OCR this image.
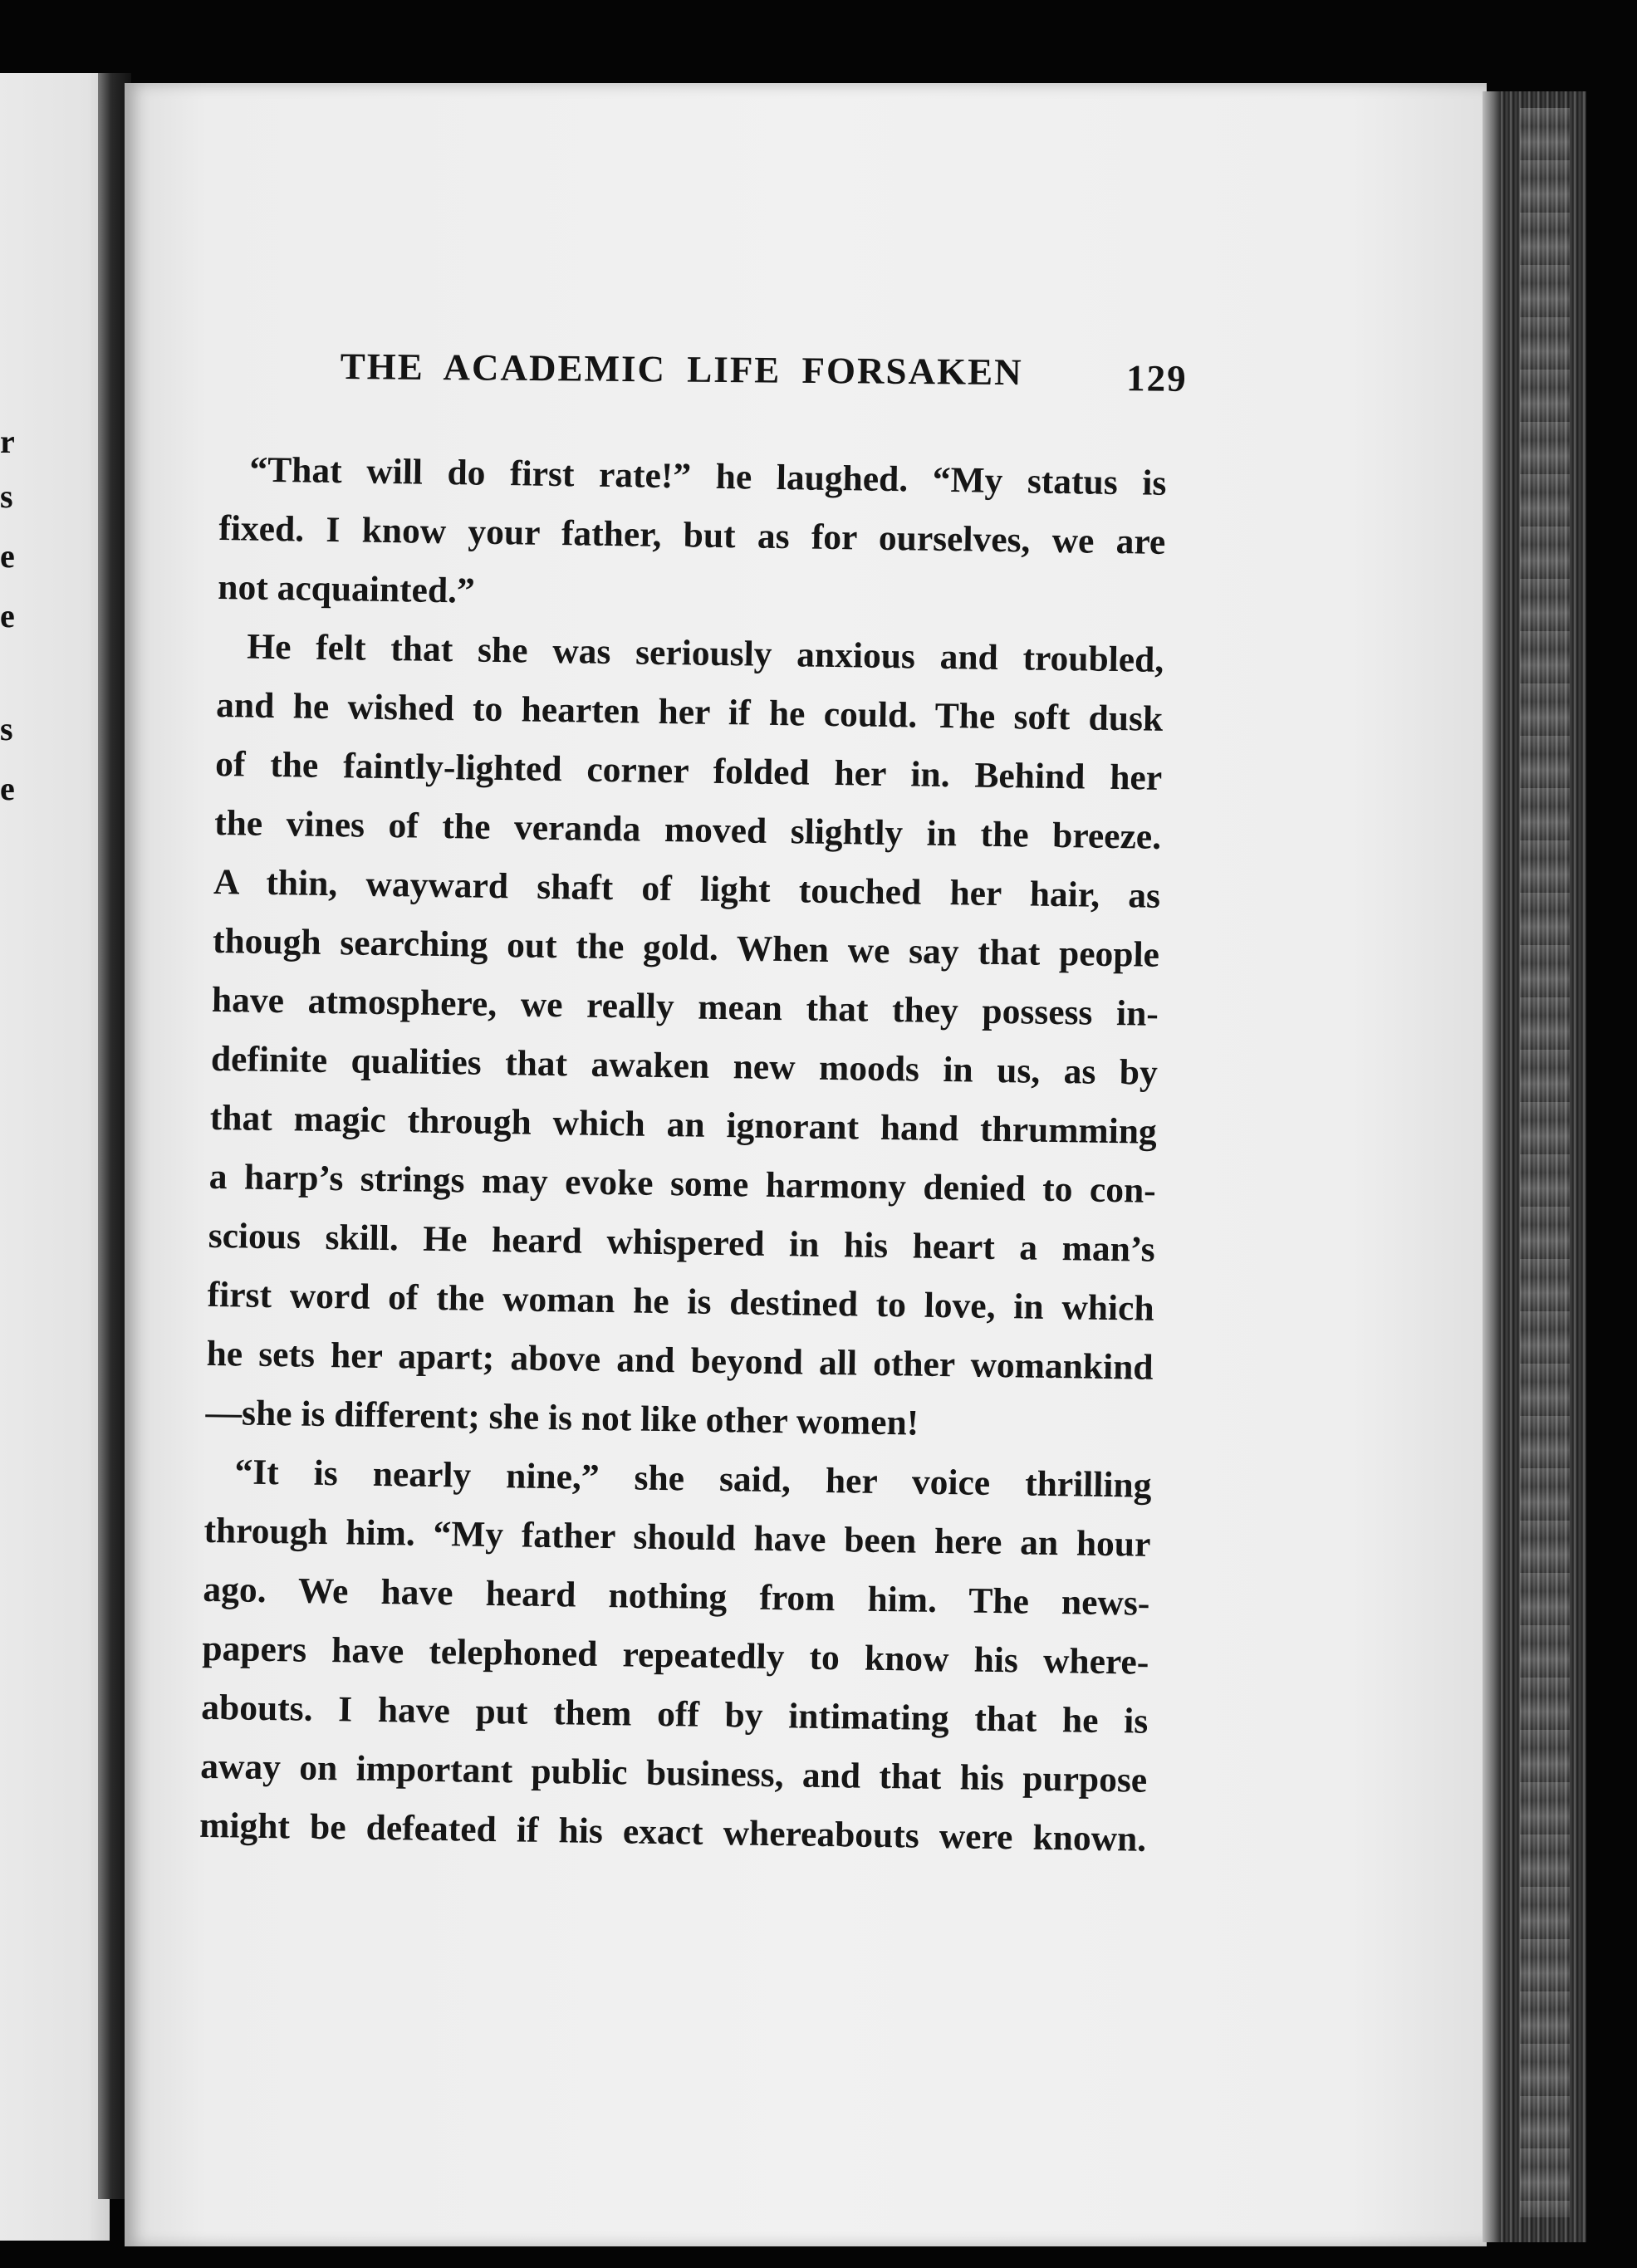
r
s
e
e
s
e
THE ACADEMIC LIFE FORSAKEN	129
“That will do first rate!” he laughed. “My status is
fixed. I know your father, but as for ourselves, we are
not acquainted.”
He felt that she was seriously anxious and troubled,
and he wished to hearten her if he could. The soft dusk
of the faintly-lighted corner folded her in. Behind her
the vines of the veranda moved slightly in the breeze.
A thin, wayward shaft of light touched her hair, as
though searching out the gold. When we say that people
have atmosphere, we really mean that they possess in-
definite qualities that awaken new moods in us, as by
that magic through which an ignorant hand thrumming
a harp’s strings may evoke some harmony denied to con-
scious skill. He heard whispered in his heart a man’s
first word of the woman he is destined to love, in which
he sets her apart; above and beyond all other womankind
—she is different; she is not like other women!
“It is nearly nine,” she said, her voice thrilling
through him. “My father should have been here an hour
ago. We have heard nothing from him. The news-
papers have telephoned repeatedly to know his where-
abouts. I have put them off by intimating that he is
away on important public business, and that his purpose
might be defeated if his exact whereabouts were known.
